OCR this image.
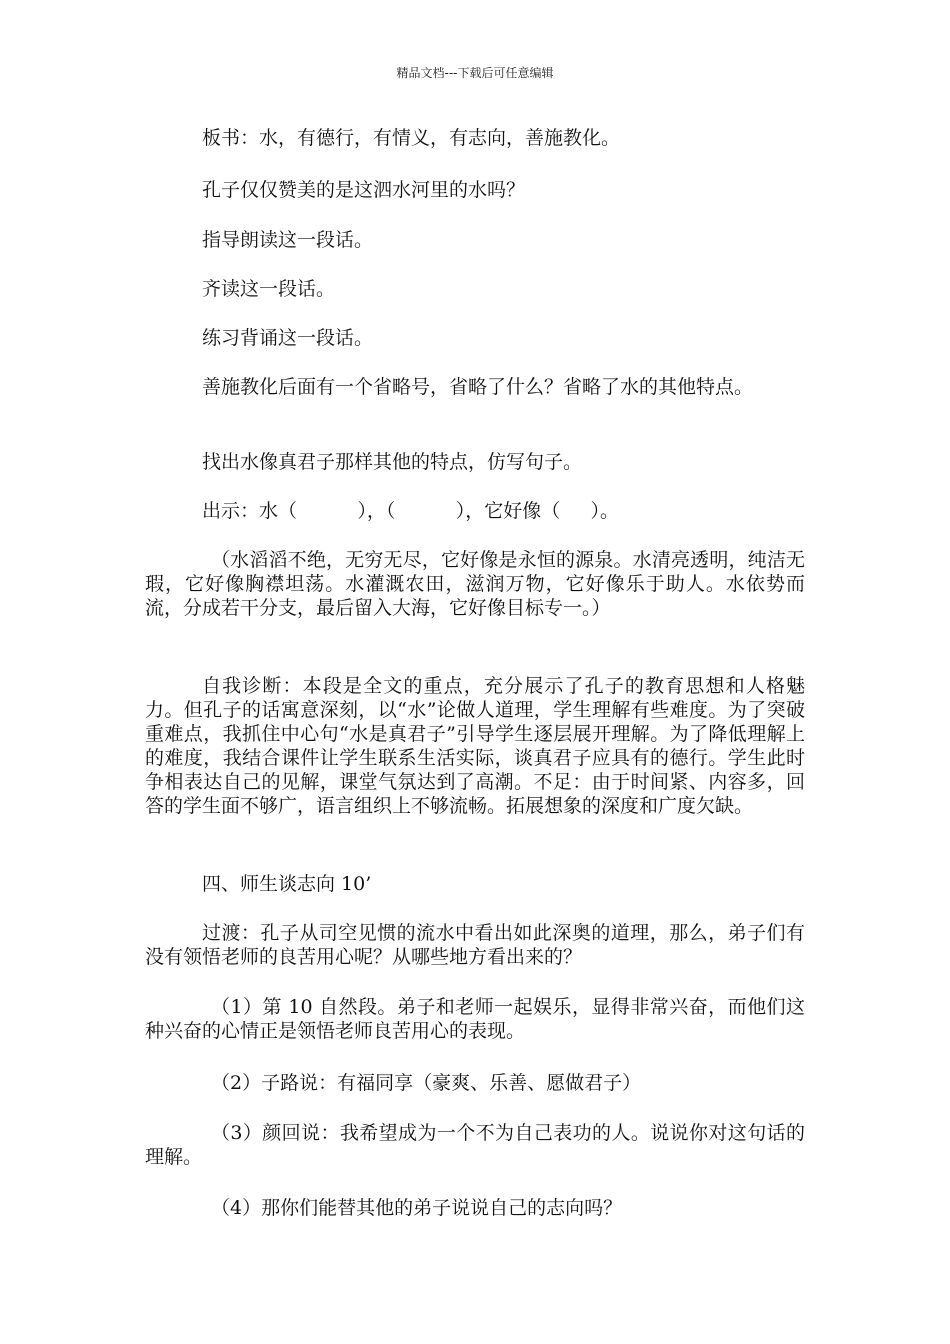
精品文档---下载后可任意编辑

板书：水，有德行，有情义，有志向，善施教化。

孔子仅仅赞美的是这泗水河里的水吗？

指导朗读这一段话。

齐读这一段话。

练习背诵这一段话。

善施教化后面有一个省略号，省略了什么？省略了水的其他特点。

找出水像真君子那样其他的特点，仿写句子。

出示：水（          ），（          ），它好像（     ）。

（水滔滔不绝，无穷无尽，它好像是永恒的源泉。水清亮透明，纯洁无瑕，它好像胸襟坦荡。水灌溉农田，滋润万物，它好像乐于助人。水依势而流，分成若干分支，最后留入大海，它好像目标专一。）

自我诊断：本段是全文的重点，充分展示了孔子的教育思想和人格魅力。但孔子的话寓意深刻，以“水”论做人道理，学生理解有些难度。为了突破重难点，我抓住中心句“水是真君子”引导学生逐层展开理解。为了降低理解上的难度，我结合课件让学生联系生活实际，谈真君子应具有的德行。学生此时争相表达自己的见解，课堂气氛达到了高潮。不足：由于时间紧、内容多，回答的学生面不够广，语言组织上不够流畅。拓展想象的深度和广度欠缺。

四、师生谈志向 10’

过渡：孔子从司空见惯的流水中看出如此深奥的道理，那么，弟子们有没有领悟老师的良苦用心呢？从哪些地方看出来的？

（1）第 10 自然段。弟子和老师一起娱乐，显得非常兴奋，而他们这种兴奋的心情正是领悟老师良苦用心的表现。

（2）子路说：有福同享（豪爽、乐善、愿做君子）

（3）颜回说：我希望成为一个不为自己表功的人。说说你对这句话的理解。

（4）那你们能替其他的弟子说说自己的志向吗？
